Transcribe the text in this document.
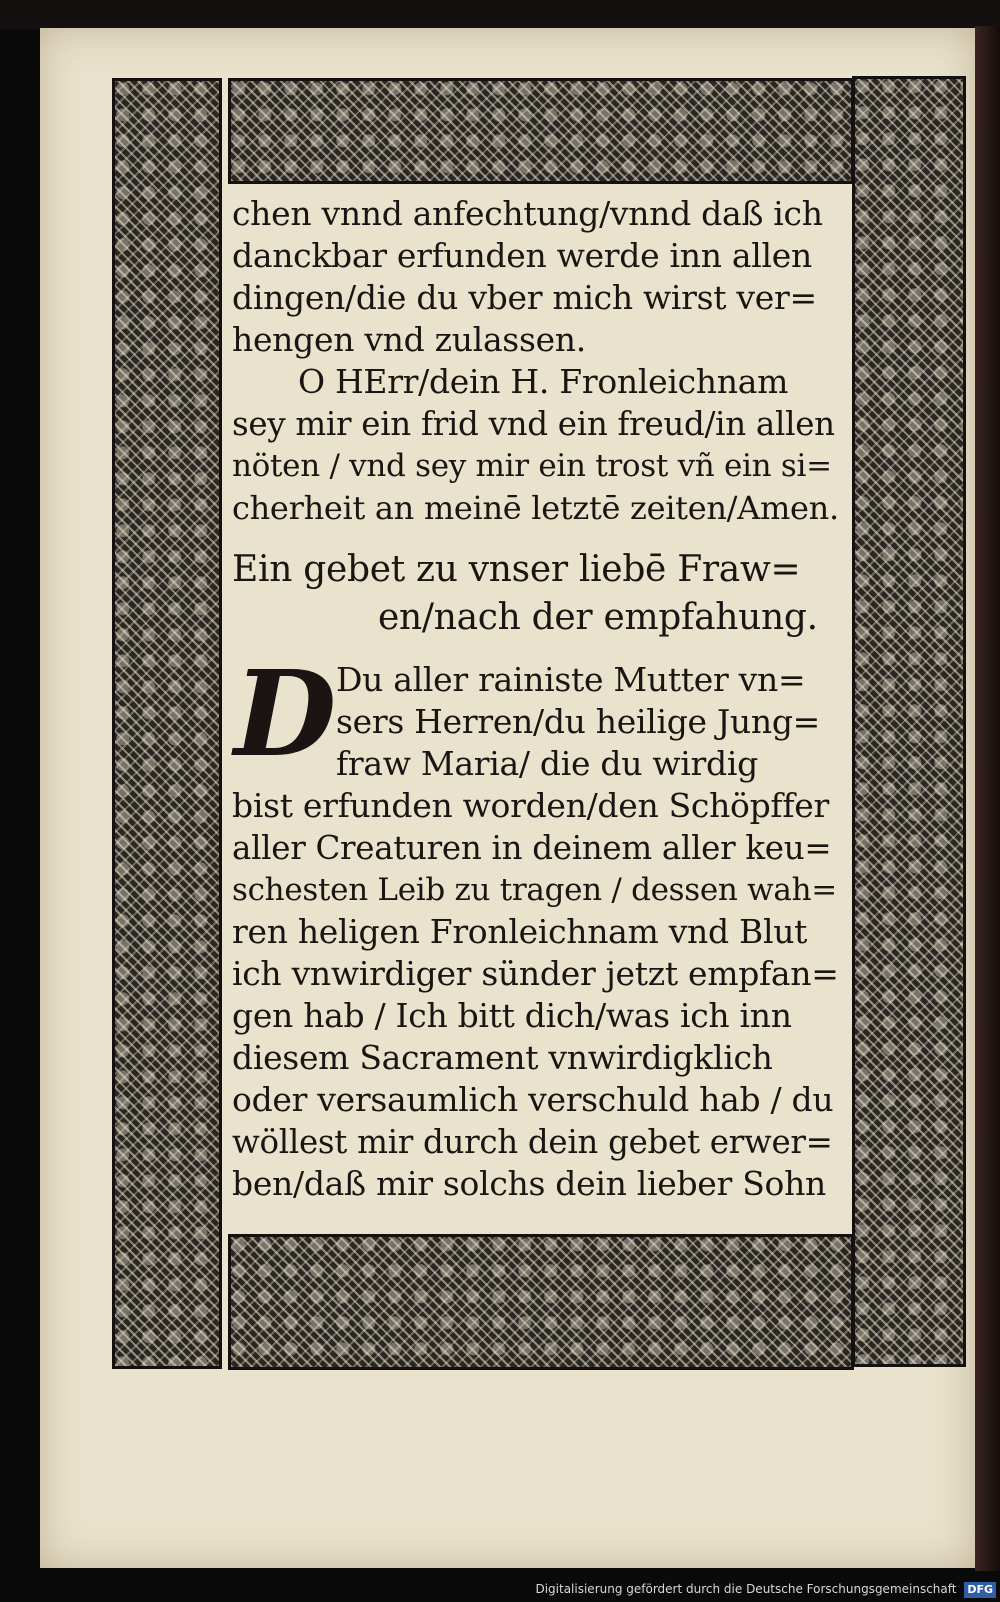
chen vnnd anfechtung/vnnd daß ich
danckbar erfunden werde inn allen
dingen/die du vber mich wirst ver=
hengen vnd zulassen.
O HErr/dein H. Fronleichnam
sey mir ein frid vnd ein freud/in allen
nöten / vnd sey mir ein trost vñ ein si=
cherheit an meinē letztē zeiten/Amen.
Ein gebet zu vnser liebē Fraw=
en/nach der empfahung.
D Du aller rainiste Mutter vn=
sers Herren/du heilige Jung=
fraw Maria/ die du wirdig
bist erfunden worden/den Schöpffer
aller Creaturen in deinem aller keu=
schesten Leib zu tragen / dessen wah=
ren heligen Fronleichnam vnd Blut
ich vnwirdiger sünder jetzt empfan=
gen hab / Ich bitt dich/was ich inn
diesem Sacrament vnwirdigklich
oder versaumlich verschuld hab / du
wöllest mir durch dein gebet erwer=
ben/daß mir solchs dein lieber Sohn
Digitalisierung gefördert durch die Deutsche Forschungsgemeinschaft DFG
